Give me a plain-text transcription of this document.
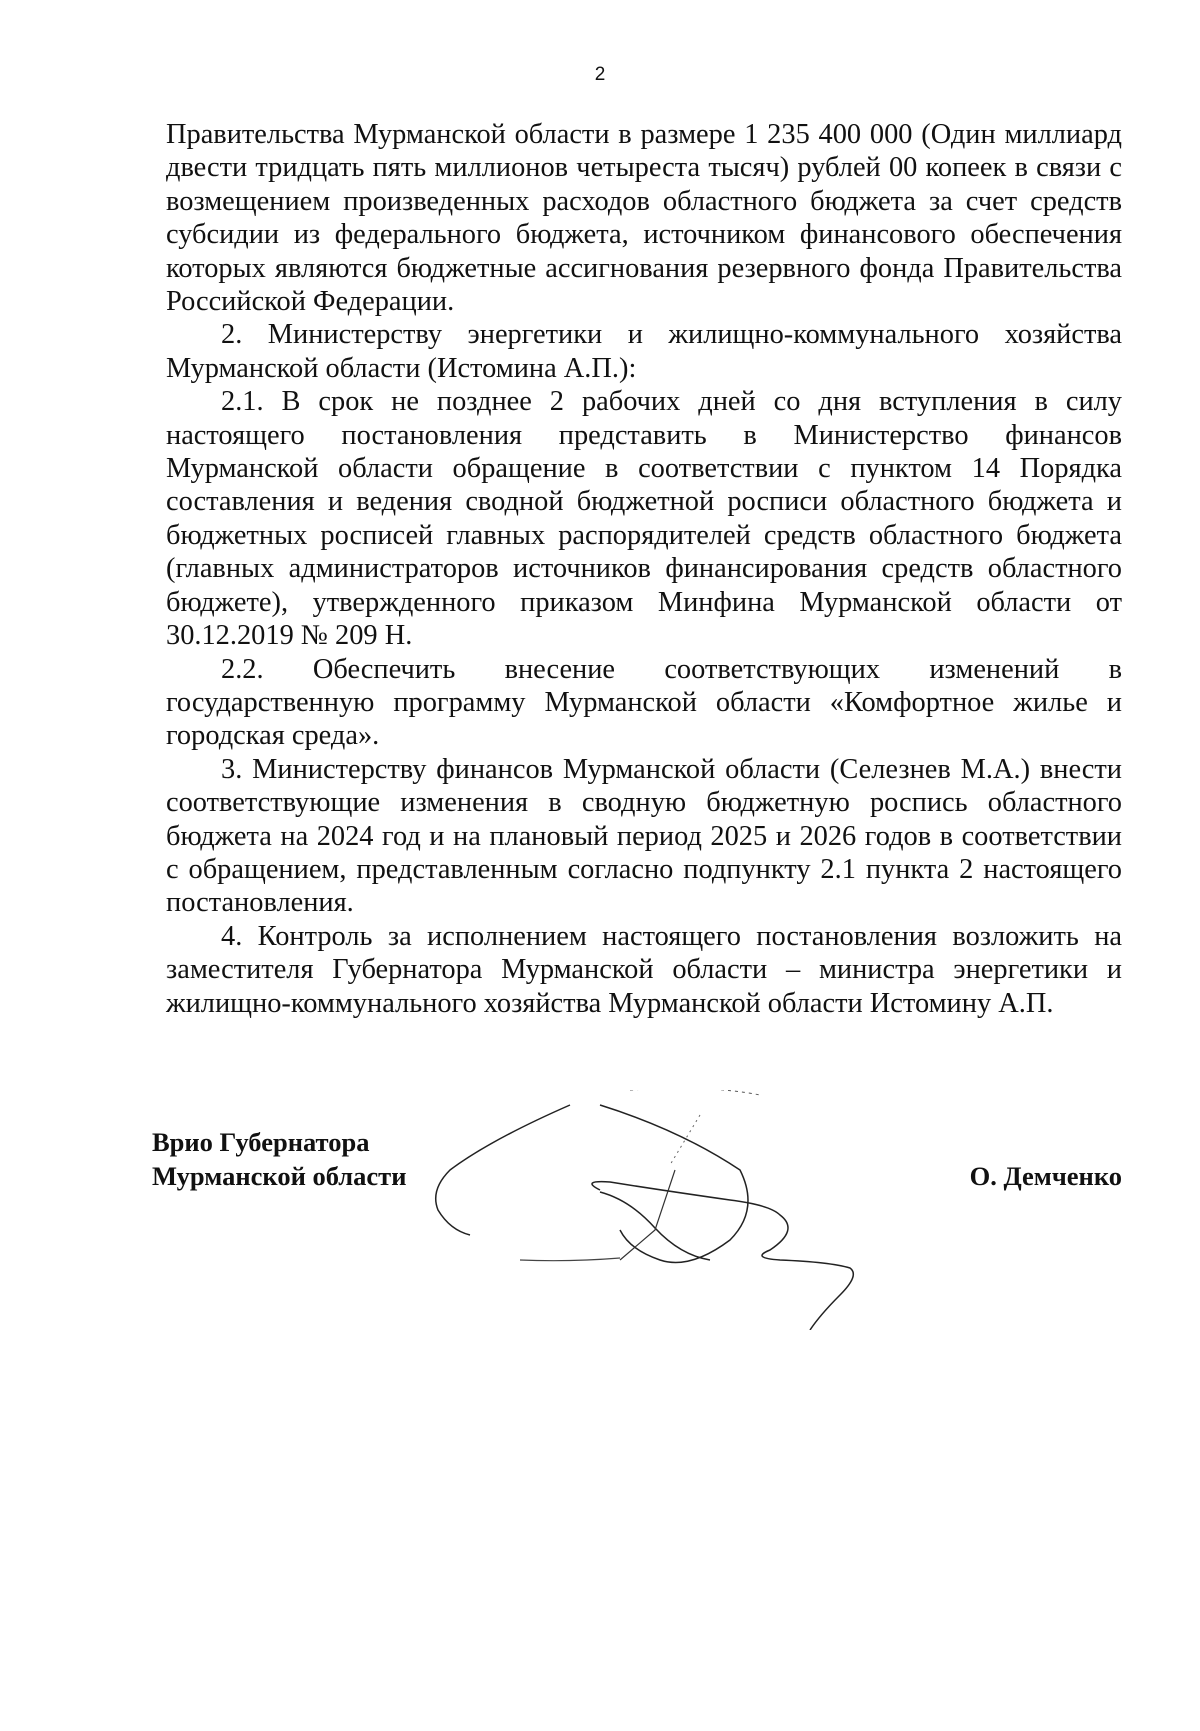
2

Правительства Мурманской области в размере 1 235 400 000 (Один миллиард двести тридцать пять миллионов четыреста тысяч) рублей 00 копеек в связи с возмещением произведенных расходов областного бюджета за счет средств субсидии из федерального бюджета, источником финансового обеспечения которых являются бюджетные ассигнования резервного фонда Правительства Российской Федерации.

2. Министерству энергетики и жилищно-коммунального хозяйства Мурманской области (Истомина А.П.):

2.1. В срок не позднее 2 рабочих дней со дня вступления в силу настоящего постановления представить в Министерство финансов Мурманской области обращение в соответствии с пунктом 14 Порядка составления и ведения сводной бюджетной росписи областного бюджета и бюджетных росписей главных распорядителей средств областного бюджета (главных администраторов источников финансирования средств областного бюджете), утвержденного приказом Минфина Мурманской области от 30.12.2019 № 209 Н.

2.2. Обеспечить внесение соответствующих изменений в государственную программу Мурманской области «Комфортное жилье и городская среда».

3. Министерству финансов Мурманской области (Селезнев М.А.) внести соответствующие изменения в сводную бюджетную роспись областного бюджета на 2024 год и на плановый период 2025 и 2026 годов в соответствии с обращением, представленным согласно подпункту 2.1 пункта 2 настоящего постановления.

4. Контроль за исполнением настоящего постановления возложить на заместителя Губернатора Мурманской области – министра энергетики и жилищно-коммунального хозяйства Мурманской области Истомину А.П.

Врио Губернатора
Мурманской области	О. Демченко
